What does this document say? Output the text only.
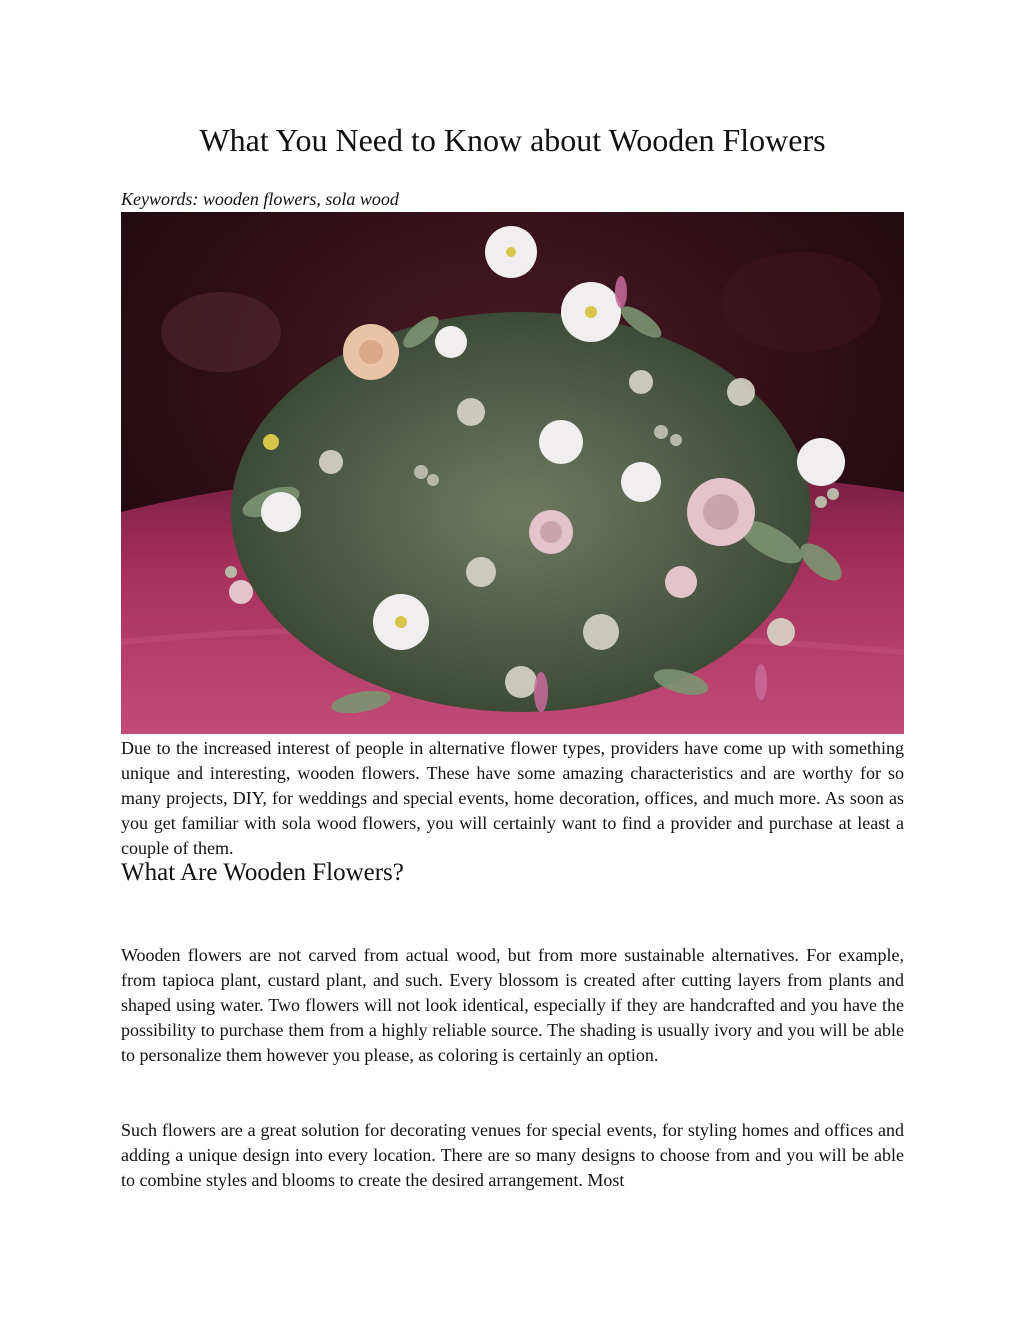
What You Need to Know about Wooden Flowers

Keywords: wooden flowers, sola wood

Due to the increased interest of people in alternative flower types, providers have come up with something unique and interesting, wooden flowers. These have some amazing characteristics and are worthy for so many projects, DIY, for weddings and special events, home decoration, offices, and much more. As soon as you get familiar with sola wood flowers, you will certainly want to find a provider and purchase at least a couple of them.

What Are Wooden Flowers?

Wooden flowers are not carved from actual wood, but from more sustainable alternatives. For example, from tapioca plant, custard plant, and such. Every blossom is created after cutting layers from plants and shaped using water. Two flowers will not look identical, especially if they are handcrafted and you have the possibility to purchase them from a highly reliable source. The shading is usually ivory and you will be able to personalize them however you please, as coloring is certainly an option.

Such flowers are a great solution for decorating venues for special events, for styling homes and offices and adding a unique design into every location. There are so many designs to choose from and you will be able to combine styles and blooms to create the desired arrangement. Most
